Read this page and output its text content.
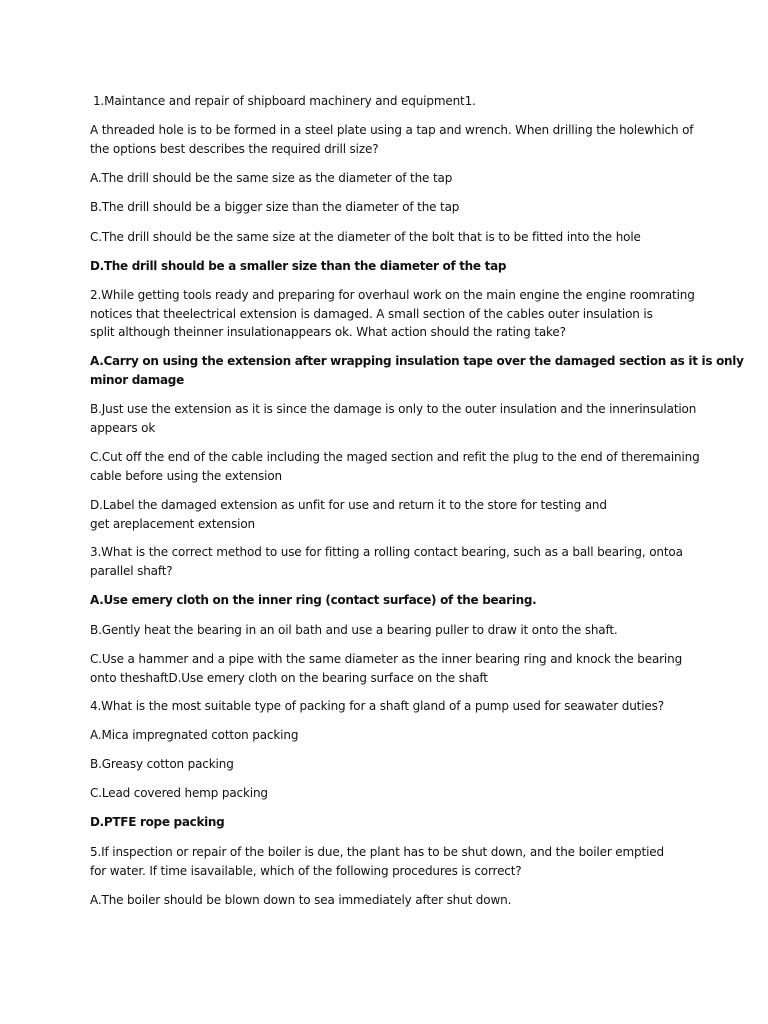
1.Maintance and repair of shipboard machinery and equipment1.
A threaded hole is to be formed in a steel plate using a tap and wrench. When drilling the holewhich of
the options best describes the required drill size?
A.The drill should be the same size as the diameter of the tap
B.The drill should be a bigger size than the diameter of the tap
C.The drill should be the same size at the diameter of the bolt that is to be fitted into the hole
D.The drill should be a smaller size than the diameter of the tap
2.While getting tools ready and preparing for overhaul work on the main engine the engine roomrating
notices that theelectrical extension is damaged. A small section of the cables outer insulation is
split although theinner insulationappears ok. What action should the rating take?
A.Carry on using the extension after wrapping insulation tape over the damaged section as it is only
minor damage
B.Just use the extension as it is since the damage is only to the outer insulation and the innerinsulation
appears ok
C.Cut off the end of the cable including the maged section and refit the plug to the end of theremaining
cable before using the extension
D.Label the damaged extension as unfit for use and return it to the store for testing and
get areplacement extension
3.What is the correct method to use for fitting a rolling contact bearing, such as a ball bearing, ontoa
parallel shaft?
A.Use emery cloth on the inner ring (contact surface) of the bearing.
B.Gently heat the bearing in an oil bath and use a bearing puller to draw it onto the shaft.
C.Use a hammer and a pipe with the same diameter as the inner bearing ring and knock the bearing
onto theshaftD.Use emery cloth on the bearing surface on the shaft
4.What is the most suitable type of packing for a shaft gland of a pump used for seawater duties?
A.Mica impregnated cotton packing
B.Greasy cotton packing
C.Lead covered hemp packing
D.PTFE rope packing
5.If inspection or repair of the boiler is due, the plant has to be shut down, and the boiler emptied
for water. If time isavailable, which of the following procedures is correct?
A.The boiler should be blown down to sea immediately after shut down.
